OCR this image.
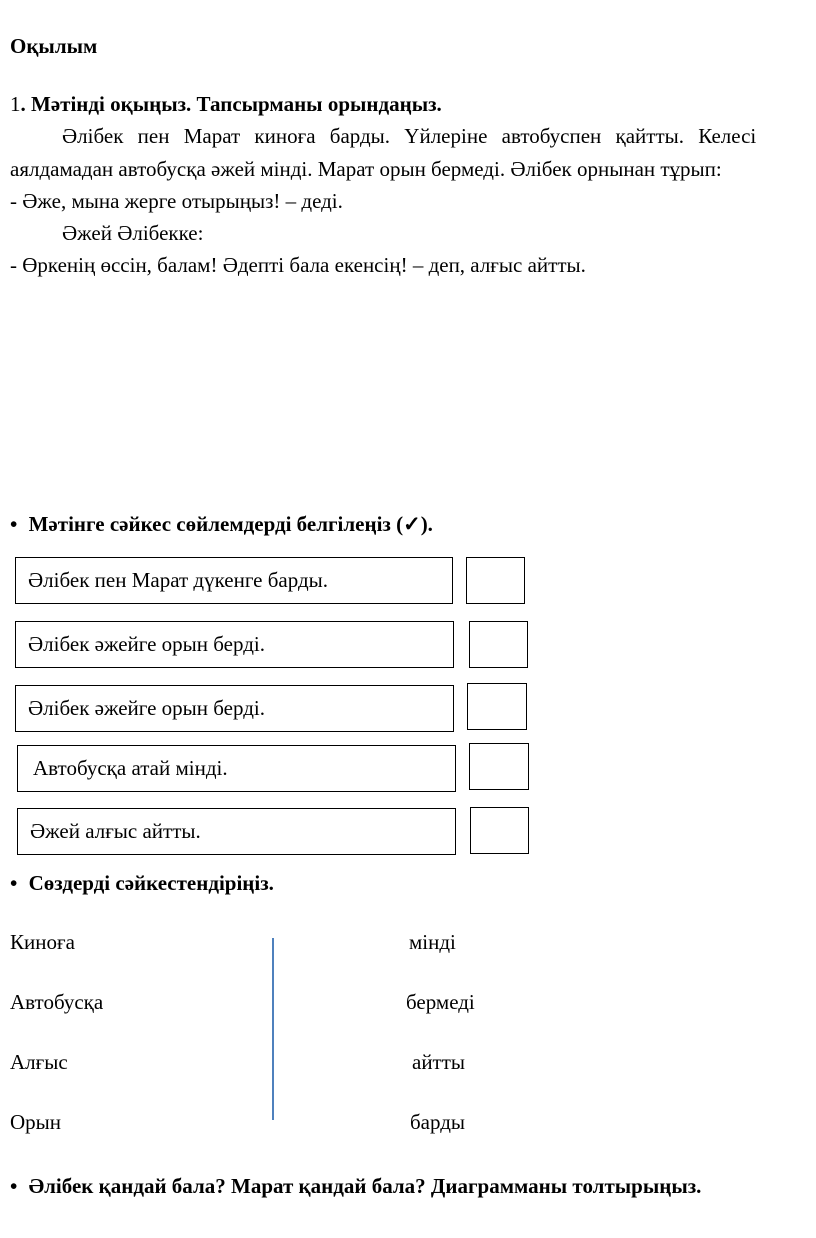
Оқылым
1. Мәтінді оқыңыз. Тапсырманы орындаңыз.
Әлібек пен Марат киноға барды. Үйлеріне автобуспен қайтты. Келесі
аялдамадан автобусқа әжей мінді. Марат орын бермеді. Әлібек орнынан тұрып:
- Әже, мына жерге отырыңыз! – деді.
Әжей Әлібекке:
- Өркенің өссін, балам! Әдепті бала екенсің! – деп, алғыс айтты.
• Мәтінге сәйкес сөйлемдерді белгілеңіз (✓).
Әлібек пен Марат дүкенге барды.
Әлібек әжейге орын берді.
Әлібек әжейге орын берді.
Автобусқа атай мінді.
Әжей алғыс айтты.
• Сөздерді сәйкестендіріңіз.
Киноға
Автобусқа
Алғыс
Орын
мінді
бермеді
айтты
барды
• Әлібек қандай бала? Марат қандай бала? Диаграмманы толтырыңыз.
